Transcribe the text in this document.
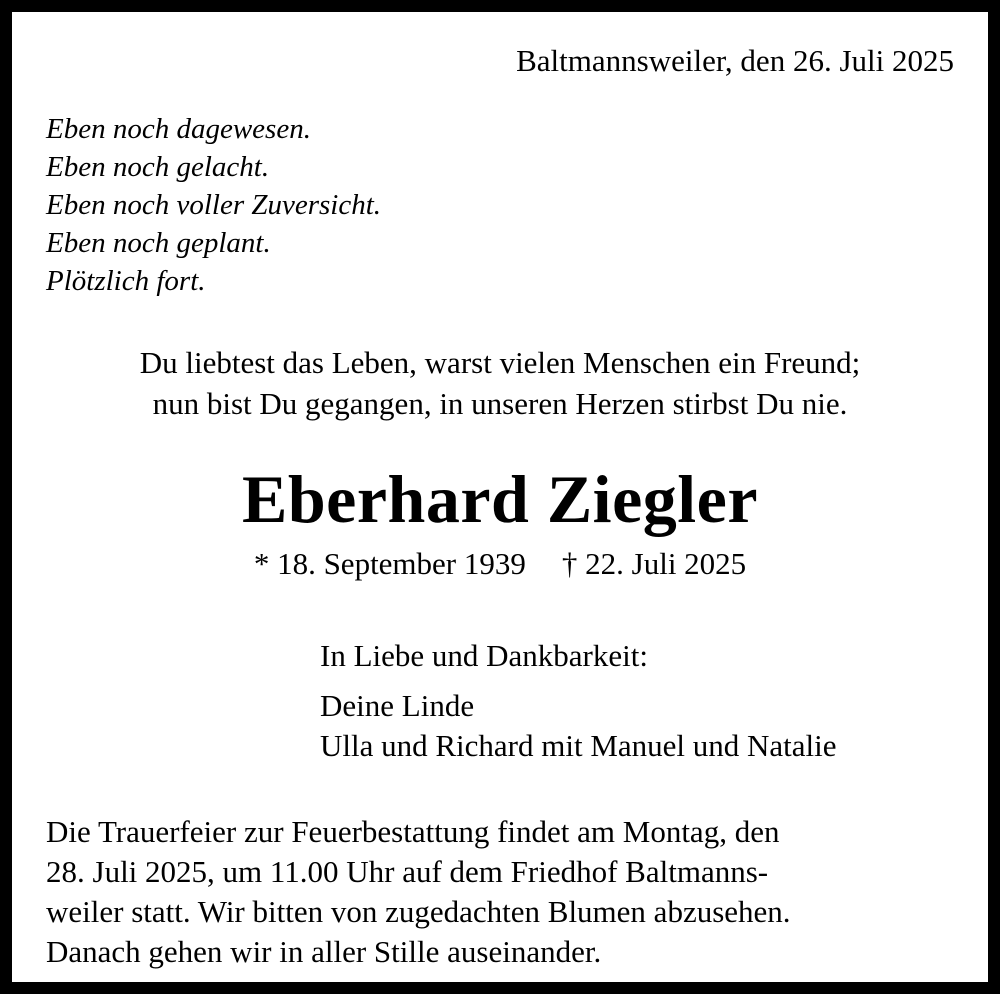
Baltmannsweiler, den 26. Juli 2025
Eben noch dagewesen.
Eben noch gelacht.
Eben noch voller Zuversicht.
Eben noch geplant.
Plötzlich fort.
Du liebtest das Leben, warst vielen Menschen ein Freund;
nun bist Du gegangen, in unseren Herzen stirbst Du nie.
Eberhard Ziegler
* 18. September 1939 † 22. Juli 2025
In Liebe und Dankbarkeit:
Deine Linde
Ulla und Richard mit Manuel und Natalie
Die Trauerfeier zur Feuerbestattung findet am Montag, den
28. Juli 2025, um 11.00 Uhr auf dem Friedhof Baltmanns-
weiler statt. Wir bitten von zugedachten Blumen abzusehen.
Danach gehen wir in aller Stille auseinander.
